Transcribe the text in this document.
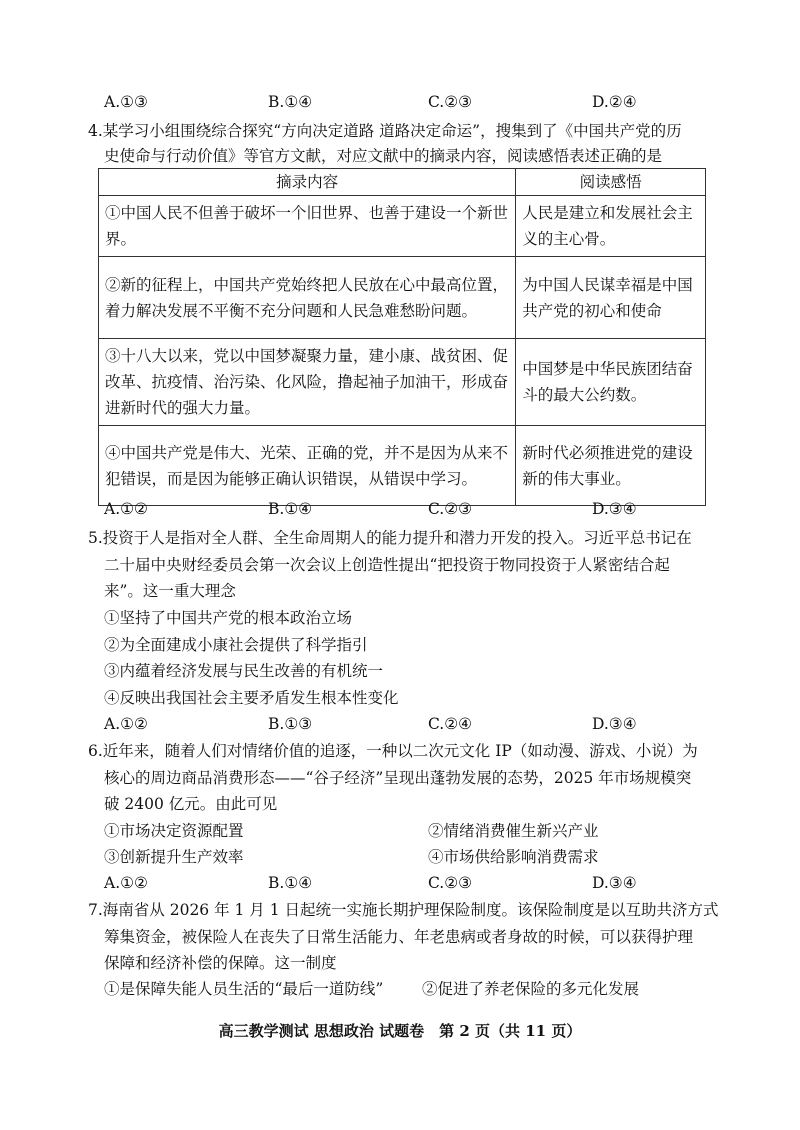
A.①③	B.①④	C.②③	D.②④
4.某学习小组围绕综合探究“方向决定道路 道路决定命运”，搜集到了《中国共产党的历
史使命与行动价值》等官方文献，对应文献中的摘录内容，阅读感悟表述正确的是
摘录内容	阅读感悟
①中国人民不但善于破坏一个旧世界、也善于建设一个新世界。	人民是建立和发展社会主义的主心骨。
②新的征程上，中国共产党始终把人民放在心中最高位置，着力解决发展不平衡不充分问题和人民急难愁盼问题。	为中国人民谋幸福是中国共产党的初心和使命
③十八大以来，党以中国梦凝聚力量，建小康、战贫困、促改革、抗疫情、治污染、化风险，撸起袖子加油干，形成奋进新时代的强大力量。	中国梦是中华民族团结奋斗的最大公约数。
④中国共产党是伟大、光荣、正确的党，并不是因为从来不犯错误，而是因为能够正确认识错误，从错误中学习。	新时代必须推进党的建设新的伟大事业。
A.①②	B.①④	C.②③	D.③④
5.投资于人是指对全人群、全生命周期人的能力提升和潜力开发的投入。习近平总书记在
二十届中央财经委员会第一次会议上创造性提出“把投资于物同投资于人紧密结合起
来”。这一重大理念
①坚持了中国共产党的根本政治立场
②为全面建成小康社会提供了科学指引
③内蕴着经济发展与民生改善的有机统一
④反映出我国社会主要矛盾发生根本性变化
A.①②	B.①③	C.②④	D.③④
6.近年来，随着人们对情绪价值的追逐，一种以二次元文化 IP（如动漫、游戏、小说）为
核心的周边商品消费形态——“谷子经济”呈现出蓬勃发展的态势，2025 年市场规模突
破 2400 亿元。由此可见
①市场决定资源配置	②情绪消费催生新兴产业
③创新提升生产效率	④市场供给影响消费需求
A.①②	B.①④	C.②③	D.③④
7.海南省从 2026 年 1 月 1 日起统一实施长期护理保险制度。该保险制度是以互助共济方式
筹集资金，被保险人在丧失了日常生活能力、年老患病或者身故的时候，可以获得护理
保障和经济补偿的保障。这一制度
①是保障失能人员生活的“最后一道防线” ②促进了养老保险的多元化发展
高三教学测试 思想政治 试题卷　第 2 页（共 11 页）
